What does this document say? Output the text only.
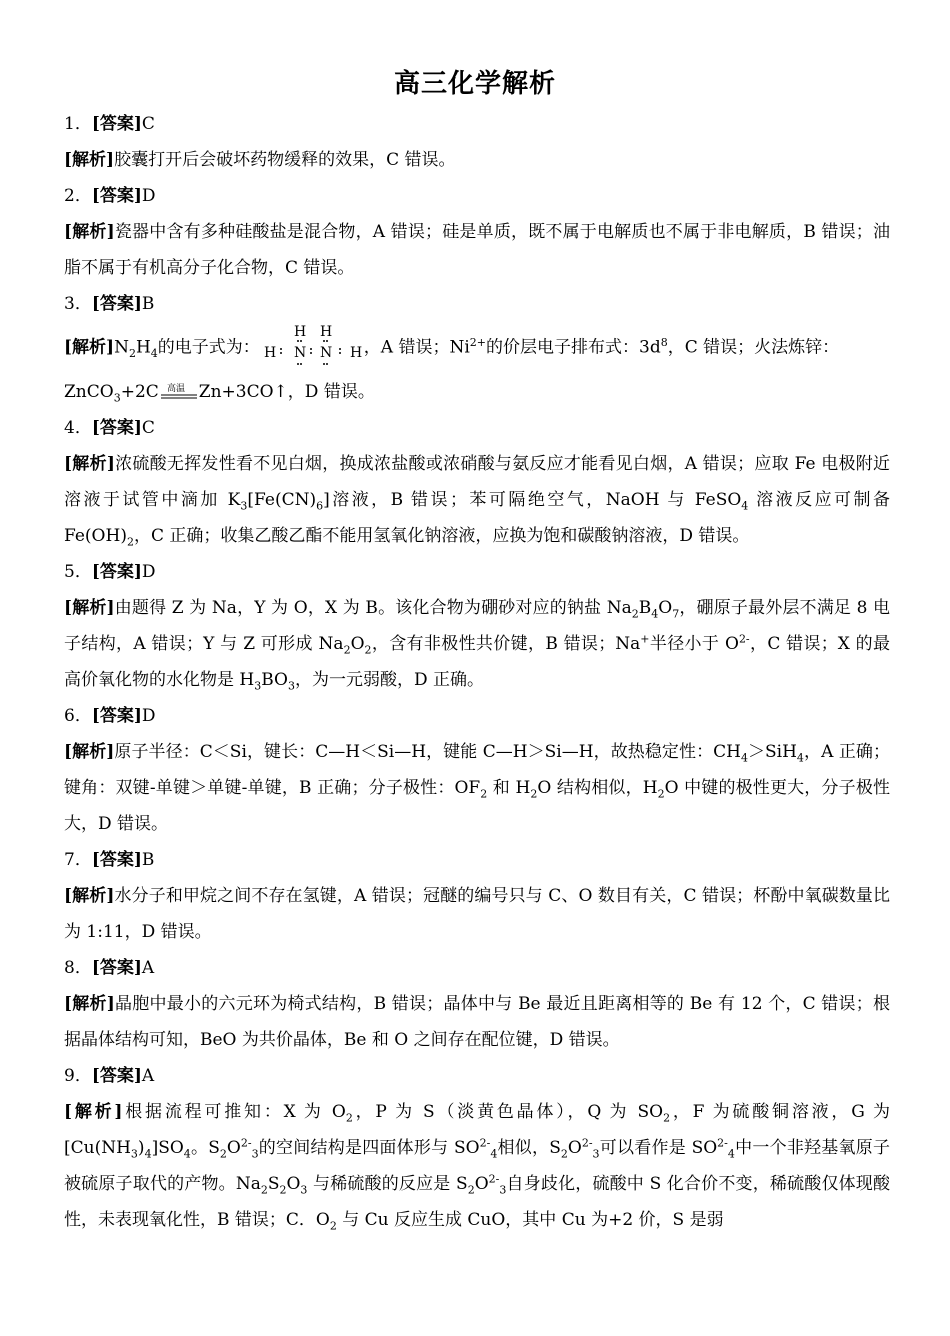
高三化学解析
1．[答案]C
[解析]胶囊打开后会破坏药物缓释的效果，C 错误。
2．[答案]D
[解析]瓷器中含有多种硅酸盐是混合物，A 错误；硅是单质，既不属于电解质也不属于非电解质，B 错误；油脂不属于有机高分子化合物，C 错误。
3．[答案]B
[解析]$N_2H_4$的电子式为：
H H
H N N H ，A 错误；$Ni^{2+}$的价层电子排布式：$3d^8$，C 错误；火法炼锌：
ZnCO$_3$+2C 高温 Zn+3CO↑，D 错误。
4．[答案]C
[解析]浓硫酸无挥发性看不见白烟，换成浓盐酸或浓硝酸与氨反应才能看见白烟，A 错误；应取 Fe 电极附近溶液于试管中滴加 $K_3[Fe(CN)_6]$溶液，B 错误；苯可隔绝空气，NaOH 与 FeSO$_4$ 溶液反应可制备 $Fe(OH)_2$，C 正确；收集乙酸乙酯不能用氢氧化钠溶液，应换为饱和碳酸钠溶液，D 错误。
5．[答案]D
[解析]由题得 Z 为 Na，Y 为 O，X 为 B。该化合物为硼砂对应的钠盐 $Na_2B_4O_7$，硼原子最外层不满足 8 电子结构，A 错误；Y 与 Z 可形成 $Na_2O_2$，含有非极性共价键，B 错误；Na+半径小于 $O^{2-}$，C 错误；X 的最高价氧化物的水化物是 $H_3BO_3$，为一元弱酸，D 正确。
6．[答案]D
[解析]原子半径：C＜Si，键长：C—H＜Si—H，键能 C—H＞Si—H，故热稳定性：$CH_4>SiH_4$，A 正确；键角：双键-单键＞单键-单键，B 正确；分子极性：$OF_2$ 和 $H_2O$ 结构相似，$H_2O$ 中键的极性更大，分子极性大，D 错误。
7．[答案]B
[解析]水分子和甲烷之间不存在氢键，A 错误；冠醚的编号只与 C、O 数目有关，C 错误；杯酚中氧碳数量比为 1:11，D 错误。
8．[答案]A
[解析]晶胞中最小的六元环为椅式结构，B 错误；晶体中与 Be 最近且距离相等的 Be 有 12 个，C 错误；根据晶体结构可知，BeO 为共价晶体，Be 和 O 之间存在配位键，D 错误。
9．[答案]A
[解析]根据流程可推知：X 为 $O_2$，P 为 S（淡黄色晶体），Q 为 $SO_2$，F 为硫酸铜溶液，G 为 $[Cu(NH_3)_4]SO_4$。$S_2O^{2-}_3$的空间结构是四面体形与 $SO^{2-}_4$相似，$S_2O^{2-}_3$可以看作是 $SO^{2-}_4$中一个非羟基氧原子被硫原子取代的产物。$Na_2S_2O_3$ 与稀硫酸的反应是 $S_2O^{2-}_3$自身歧化，硫酸中 S 化合价不变，稀硫酸仅体现酸性，未表现氧化性，B 错误；C．$O_2$ 与 Cu 反应生成 CuO，其中 Cu 为+2 价，S 是弱
